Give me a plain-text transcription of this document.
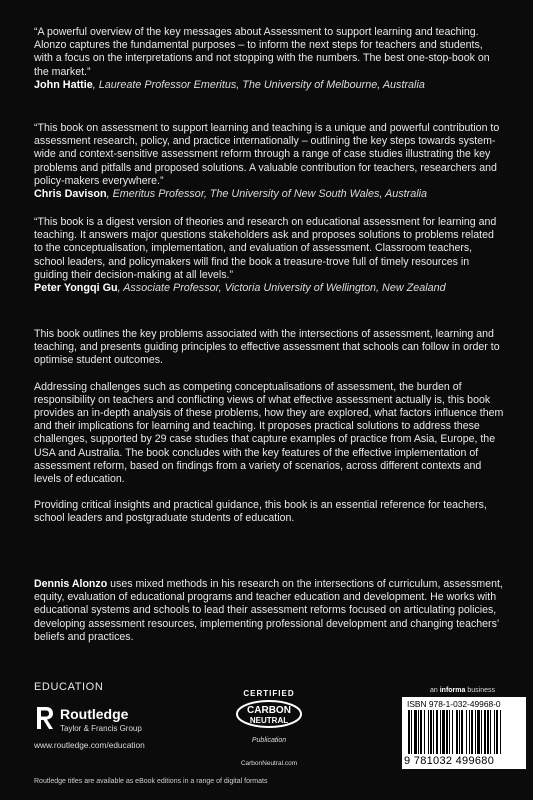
“A powerful overview of the key messages about Assessment to support learning and teaching. Alonzo captures the fundamental purposes – to inform the next steps for teachers and students, with a focus on the interpretations and not stopping with the numbers. The best one-stop-book on the market.”

John Hattie, Laureate Professor Emeritus, The University of Melbourne, Australia

“This book on assessment to support learning and teaching is a unique and powerful contribution to assessment research, policy, and practice internationally – outlining the key steps towards system-wide and context-sensitive assessment reform through a range of case studies illustrating the key problems and pitfalls and proposed solutions. A valuable contribution for teachers, researchers and policy-makers everywhere.”

Chris Davison, Emeritus Professor, The University of New South Wales, Australia

“This book is a digest version of theories and research on educational assessment for learning and teaching. It answers major questions stakeholders ask and proposes solutions to problems related to the conceptualisation, implementation, and evaluation of assessment. Classroom teachers, school leaders, and policymakers will find the book a treasure-trove full of timely resources in guiding their decision-making at all levels.”

Peter Yongqi Gu, Associate Professor, Victoria University of Wellington, New Zealand

This book outlines the key problems associated with the intersections of assessment, learning and teaching, and presents guiding principles to effective assessment that schools can follow in order to optimise student outcomes.

Addressing challenges such as competing conceptualisations of assessment, the burden of responsibility on teachers and conflicting views of what effective assessment actually is, this book provides an in-depth analysis of these problems, how they are explored, what factors influence them and their implications for learning and teaching. It proposes practical solutions to address these challenges, supported by 29 case studies that capture examples of practice from Asia, Europe, the USA and Australia. The book concludes with the key features of the effective implementation of assessment reform, based on findings from a variety of scenarios, across different contexts and levels of education.

Providing critical insights and practical guidance, this book is an essential reference for teachers, school leaders and postgraduate students of education.

Dennis Alonzo uses mixed methods in his research on the intersections of curriculum, assessment, equity, evaluation of educational programs and teacher education and development. He works with educational systems and schools to lead their assessment reforms focused on articulating policies, developing assessment resources, implementing professional development and changing teachers’ beliefs and practices.
EDUCATION
Routledge
Taylor & Francis Group
www.routledge.com/education
Routledge titles are available as eBook editions in a range of digital formats
CERTIFIED
CARBON
NEUTRAL
Publication
CarbonNeutral.com
an informa business
ISBN 978-1-032-49968-0
9 781032 499680
